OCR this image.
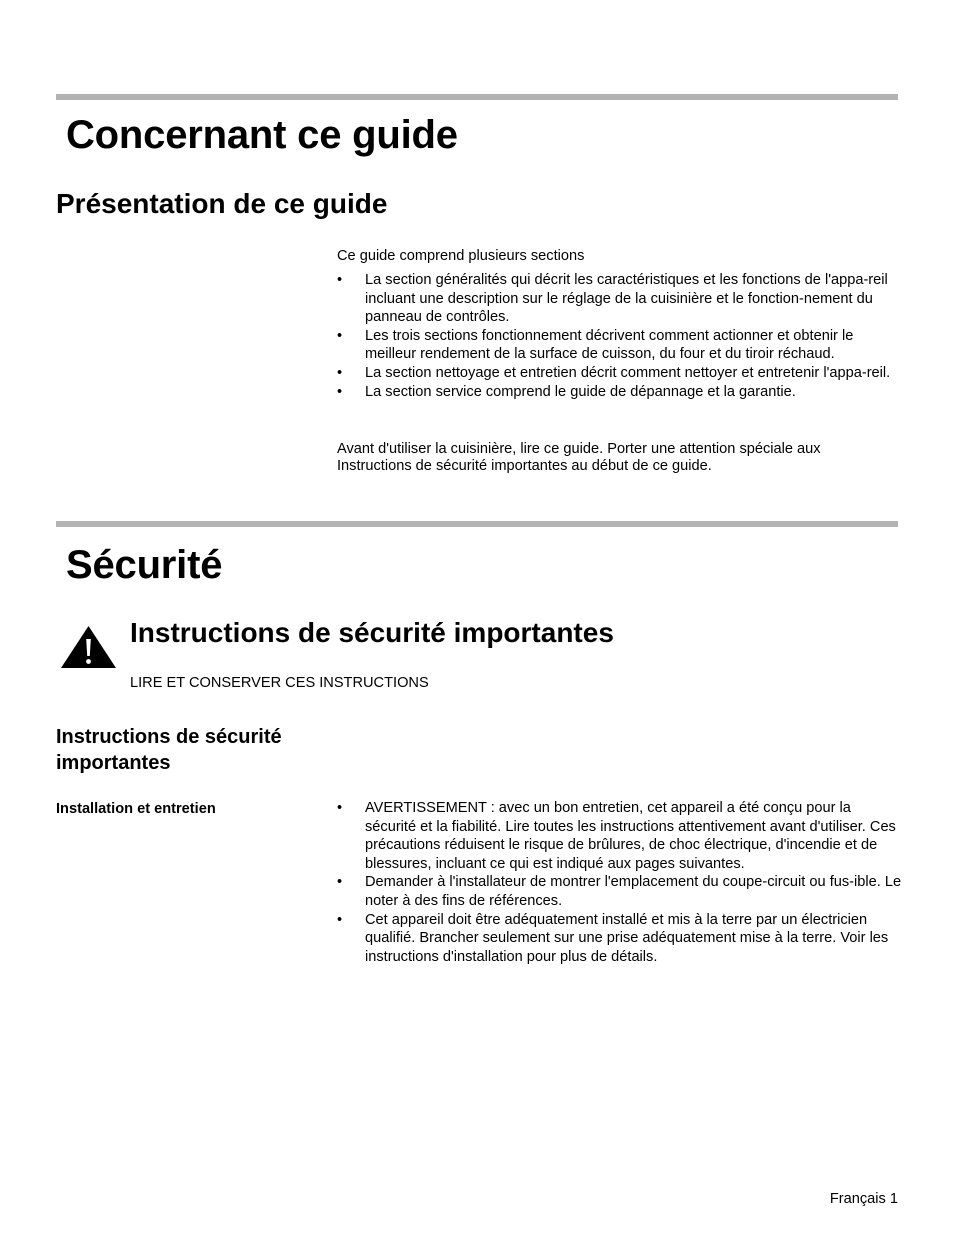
Concernant ce guide
Présentation de ce guide

Ce guide comprend plusieurs sections

• La section généralités qui décrit les caractéristiques et les fonctions de l'appa-reil incluant une description sur le réglage de la cuisinière et le fonction-nement du panneau de contrôles.
• Les trois sections fonctionnement décrivent comment actionner et obtenir le meilleur rendement de la surface de cuisson, du four et du tiroir réchaud.
• La section nettoyage et entretien décrit comment nettoyer et entretenir l'appa-reil.
• La section service comprend le guide de dépannage et la garantie.

Avant d'utiliser la cuisinière, lire ce guide. Porter une attention spéciale aux Instructions de sécurité importantes au début de ce guide.

Sécurité
Instructions de sécurité importantes

LIRE ET CONSERVER CES INSTRUCTIONS

Instructions de sécurité importantes
Installation et entretien
•	AVERTISSEMENT : avec un bon entretien, cet appareil a été conçu pour la sécurité et la fiabilité. Lire toutes les instructions attentivement avant d'utiliser. Ces précautions réduisent le risque de brûlures, de choc électrique, d'incendie et de blessures, incluant ce qui est indiqué aux pages suivantes.
• Demander à l'installateur de montrer l'emplacement du coupe-circuit ou fus-ible. Le noter à des fins de références.
• Cet appareil doit être adéquatement installé et mis à la terre par un électricien qualifié. Brancher seulement sur une prise adéquatement mise à la terre. Voir les instructions d'installation pour plus de détails.
Français 1
